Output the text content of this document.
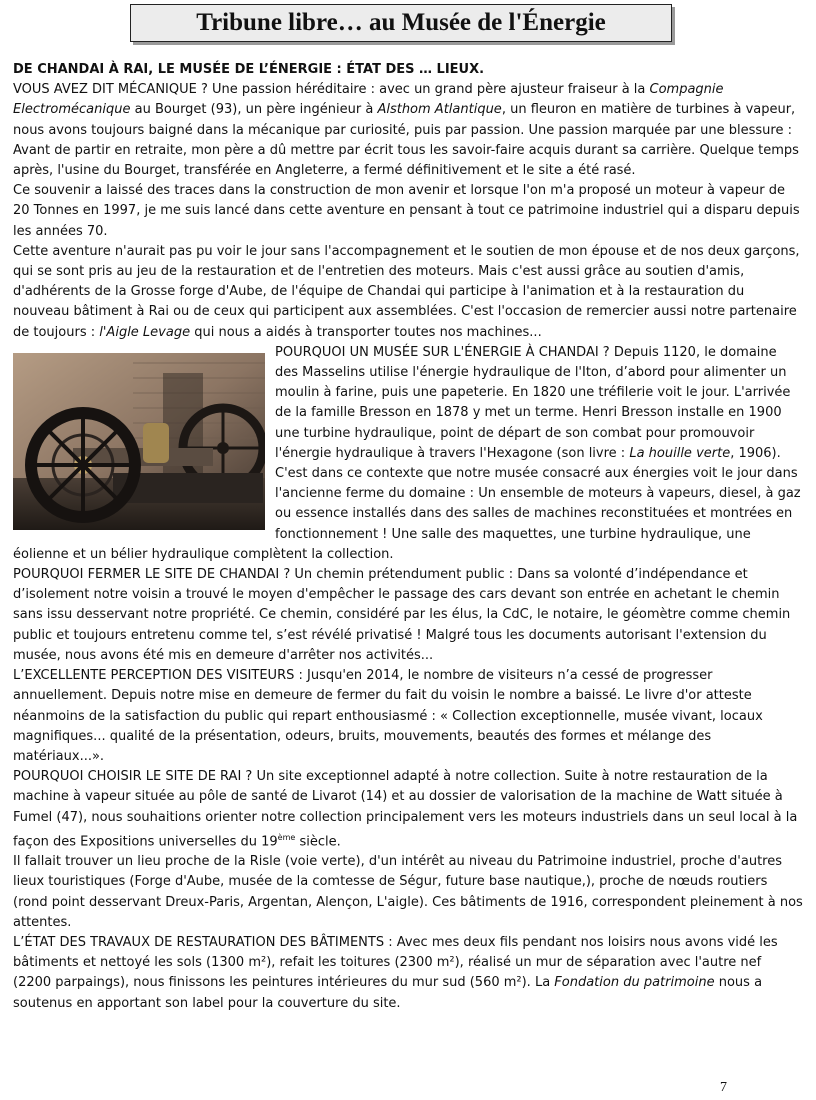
Tribune libre… au Musée de l'Énergie

DE CHANDAI À RAI, LE MUSÉE DE L’ÉNERGIE : ÉTAT DES … LIEUX.

VOUS AVEZ DIT MÉCANIQUE ? Une passion héréditaire : avec un grand père ajusteur fraiseur à la Compagnie Electromécanique au Bourget (93), un père ingénieur à Alsthom Atlantique, un fleuron en matière de turbines à vapeur, nous avons toujours baigné dans la mécanique par curiosité, puis par passion. Une passion marquée par une blessure : Avant de partir en retraite, mon père a dû mettre par écrit tous les savoir-faire acquis durant sa carrière. Quelque temps après, l'usine du Bourget, transférée en Angleterre, a fermé définitivement et le site a été rasé.

Ce souvenir a laissé des traces dans la construction de mon avenir et lorsque l'on m'a proposé un moteur à vapeur de 20 Tonnes en 1997, je me suis lancé dans cette aventure en pensant à tout ce patrimoine industriel qui a disparu depuis les années 70.

Cette aventure n'aurait pas pu voir le jour sans l'accompagnement et le soutien de mon épouse et de nos deux garçons, qui se sont pris au jeu de la restauration et de l'entretien des moteurs. Mais c'est aussi grâce au soutien d'amis, d'adhérents de la Grosse forge d'Aube, de l'équipe de Chandai qui participe à l'animation et à la restauration du nouveau bâtiment à Rai ou de ceux qui participent aux assemblées. C'est l'occasion de remercier aussi notre partenaire de toujours : l'Aigle Levage qui nous a aidés à transporter toutes nos machines...

POURQUOI UN MUSÉE SUR L'ÉNERGIE À CHANDAI ? Depuis 1120, le domaine des Masselins utilise l'énergie hydraulique de l'Iton, d’abord pour alimenter un moulin à farine, puis une papeterie. En 1820 une tréfilerie voit le jour. L'arrivée de la famille Bresson en 1878 y met un terme. Henri Bresson installe en 1900 une turbine hydraulique, point de départ de son combat pour promouvoir l'énergie hydraulique à travers l'Hexagone (son livre : La houille verte, 1906). C'est dans ce contexte que notre musée consacré aux énergies voit le jour dans l'ancienne ferme du domaine : Un ensemble de moteurs à vapeurs, diesel, à gaz ou essence installés dans des salles de machines reconstituées et montrées en fonctionnement ! Une salle des maquettes, une turbine hydraulique, une éolienne et un bélier hydraulique complètent la collection.

POURQUOI FERMER LE SITE DE CHANDAI ? Un chemin prétendument public : Dans sa volonté d’indépendance et d’isolement notre voisin a trouvé le moyen d'empêcher le passage des cars devant son entrée en achetant le chemin sans issu desservant notre propriété. Ce chemin, considéré par les élus, la CdC, le notaire, le géomètre comme chemin public et toujours entretenu comme tel, s’est révélé privatisé ! Malgré tous les documents autorisant l'extension du musée, nous avons été mis en demeure d'arrêter nos activités...

L’EXCELLENTE PERCEPTION DES VISITEURS : Jusqu'en 2014, le nombre de visiteurs n’a cessé de progresser annuellement. Depuis notre mise en demeure de fermer du fait du voisin le nombre a baissé. Le livre d'or atteste néanmoins de la satisfaction du public qui repart enthousiasmé : « Collection exceptionnelle, musée vivant, locaux magnifiques... qualité de la présentation, odeurs, bruits, mouvements, beautés des formes et mélange des matériaux...».

POURQUOI CHOISIR LE SITE DE RAI ? Un site exceptionnel adapté à notre collection. Suite à notre restauration de la machine à vapeur située au pôle de santé de Livarot (14) et au dossier de valorisation de la machine de Watt située à Fumel (47), nous souhaitions orienter notre collection principalement vers les moteurs industriels dans un seul local à la façon des Expositions universelles du 19ème siècle.

Il fallait trouver un lieu proche de la Risle (voie verte), d'un intérêt au niveau du Patrimoine industriel, proche d'autres lieux touristiques (Forge d'Aube, musée de la comtesse de Ségur, future base nautique,), proche de nœuds routiers (rond point desservant Dreux-Paris, Argentan, Alençon, L'aigle). Ces bâtiments de 1916, correspondent pleinement à nos attentes.

L’ÉTAT DES TRAVAUX DE RESTAURATION DES BÂTIMENTS : Avec mes deux fils pendant nos loisirs nous avons vidé les bâtiments et nettoyé les sols (1300 m²), refait les toitures (2300 m²), réalisé un mur de séparation avec l'autre nef (2200 parpaings), nous finissons les peintures intérieures du mur sud (560 m²). La Fondation du patrimoine nous a soutenus en apportant son label pour la couverture du site.

7
